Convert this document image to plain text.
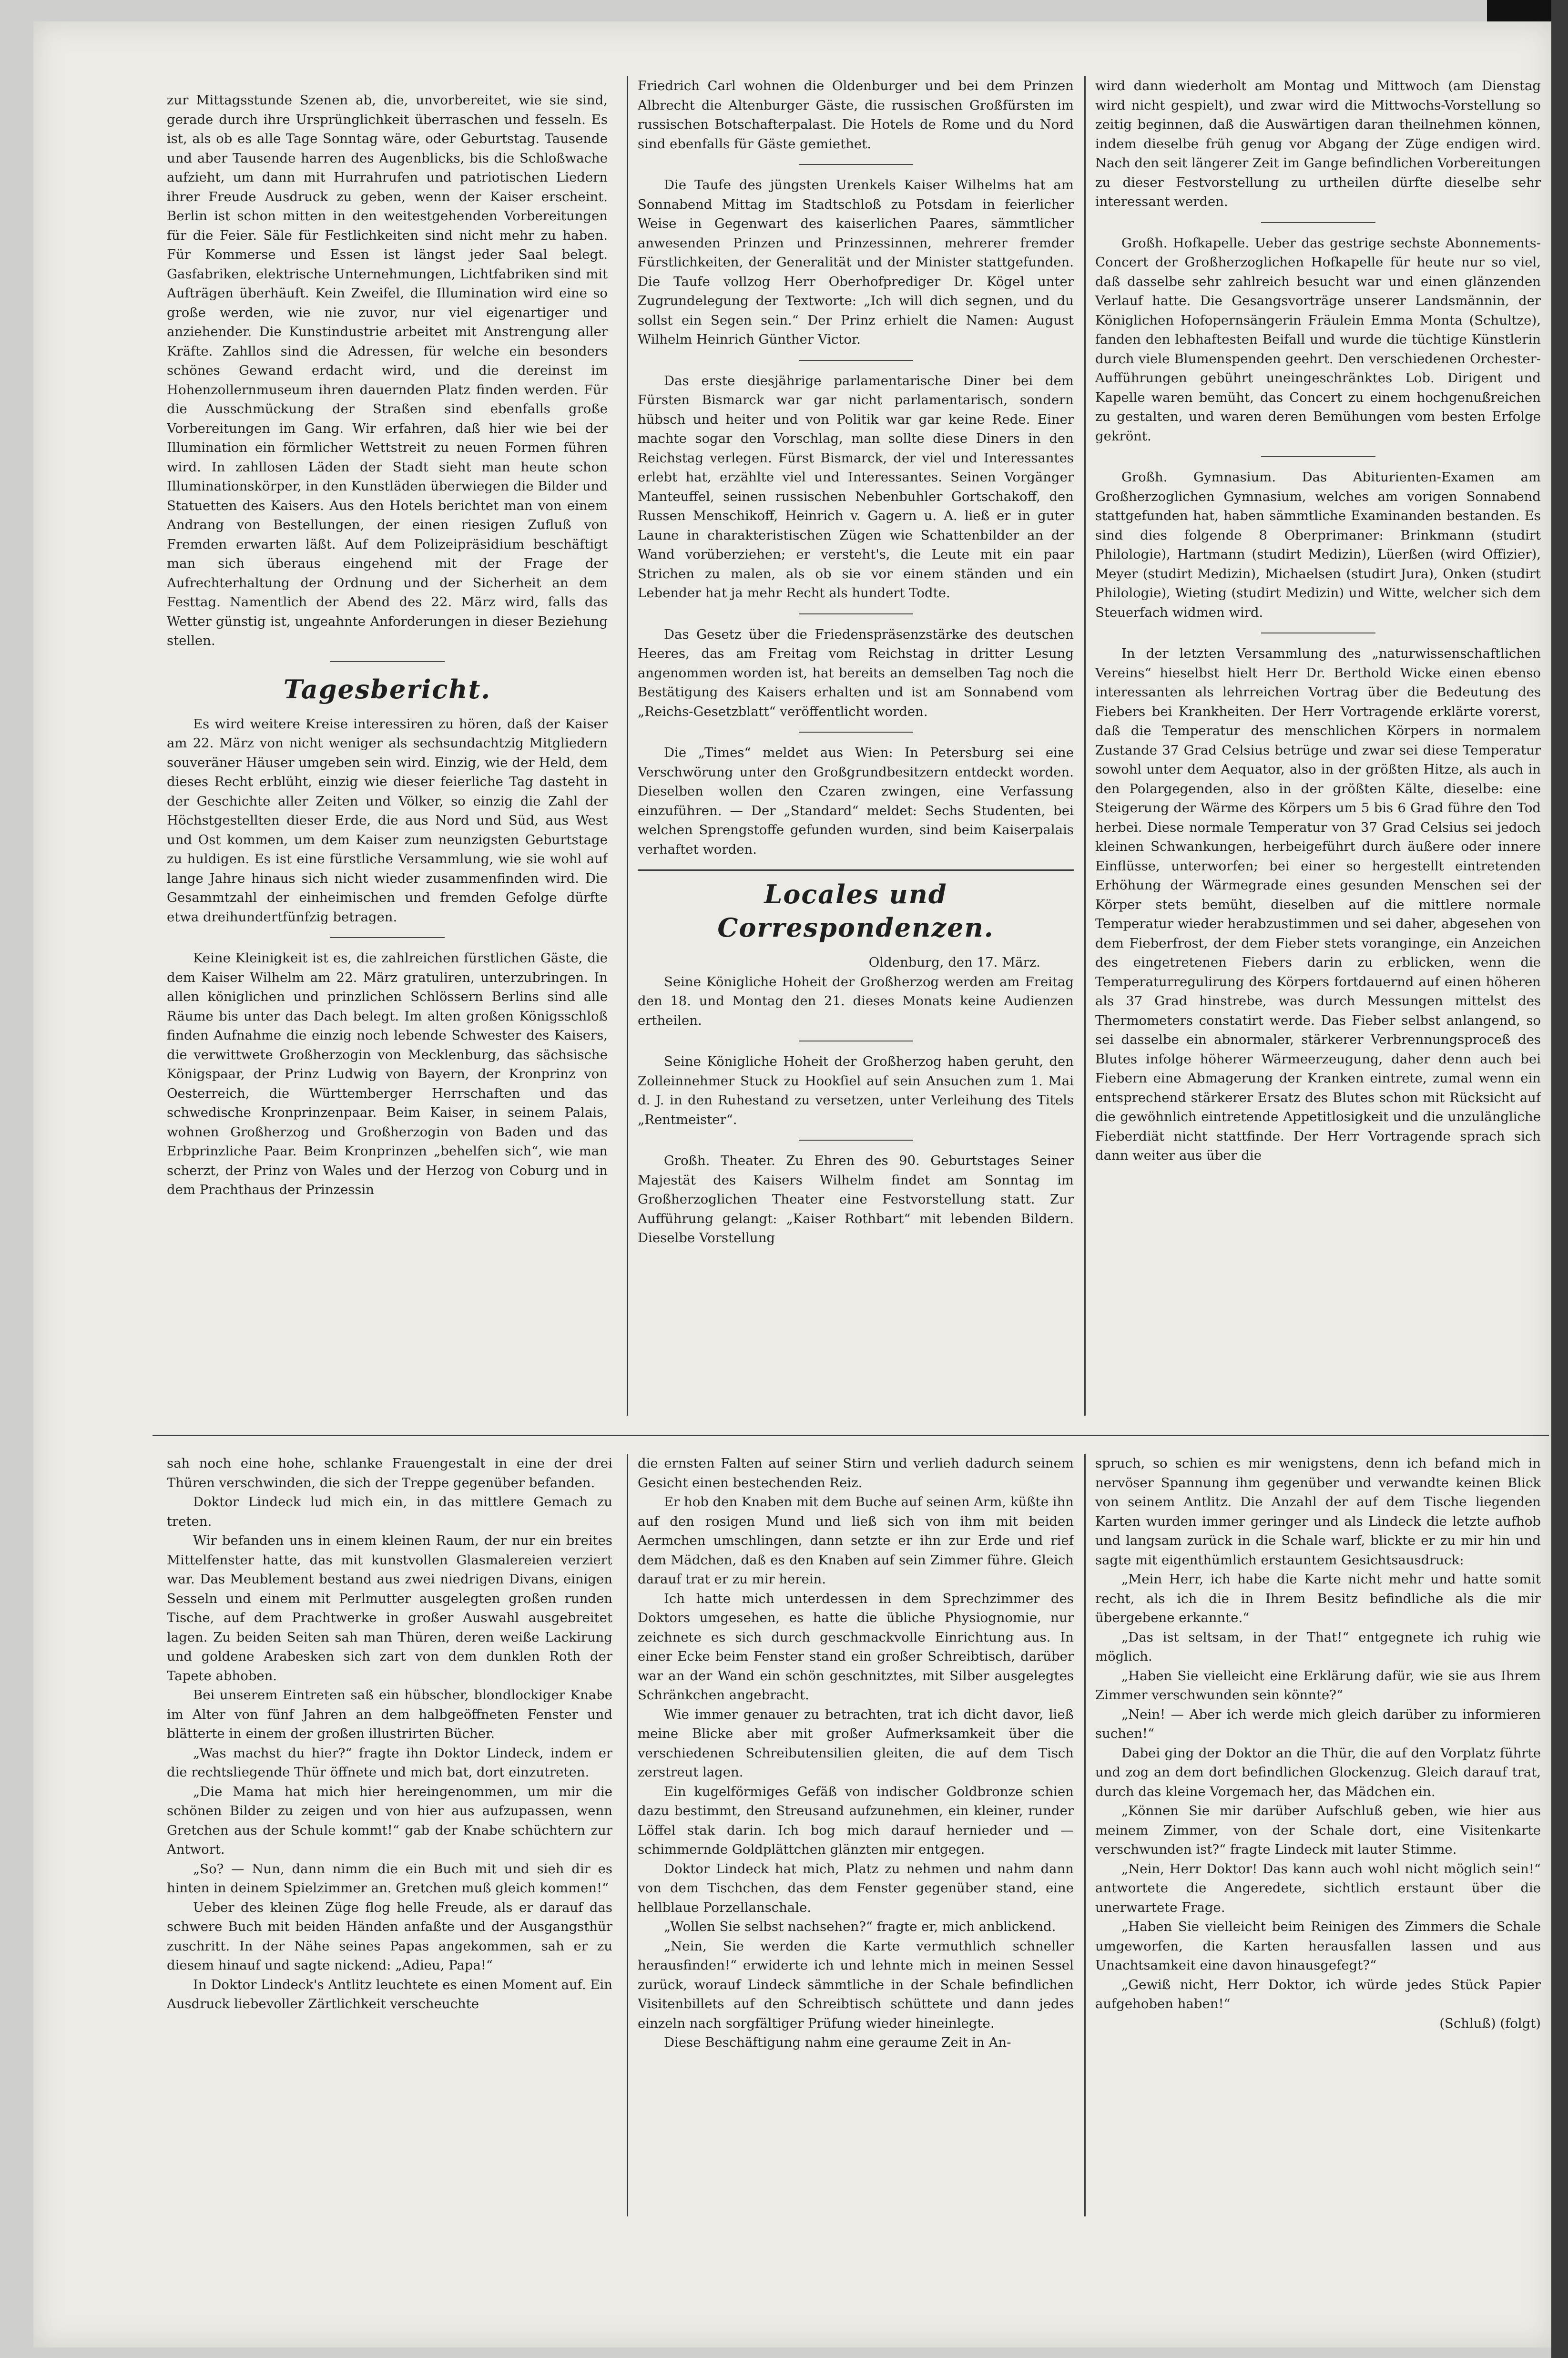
zur Mittagsstunde Szenen ab, die, unvorbereitet, wie sie sind, gerade durch ihre Ursprünglichkeit überraschen und fesseln. Es ist, als ob es alle Tage Sonntag wäre, oder Geburtstag. Tausende und aber Tausende harren des Augenblicks, bis die Schloßwache aufzieht, um dann mit Hurrahrufen und patriotischen Liedern ihrer Freude Ausdruck zu geben, wenn der Kaiser erscheint. Berlin ist schon mitten in den weitestgehenden Vorbereitungen für die Feier. Säle für Festlichkeiten sind nicht mehr zu haben. Für Kommerse und Essen ist längst jeder Saal belegt. Gasfabriken, elektrische Unternehmungen, Lichtfabriken sind mit Aufträgen überhäuft. Kein Zweifel, die Illumination wird eine so große werden, wie nie zuvor, nur viel eigenartiger und anziehender. Die Kunstindustrie arbeitet mit Anstrengung aller Kräfte. Zahllos sind die Adressen, für welche ein besonders schönes Gewand erdacht wird, und die dereinst im Hohenzollernmuseum ihren dauernden Platz finden werden. Für die Ausschmückung der Straßen sind ebenfalls große Vorbereitungen im Gang. Wir erfahren, daß hier wie bei der Illumination ein förmlicher Wettstreit zu neuen Formen führen wird. In zahllosen Läden der Stadt sieht man heute schon Illuminationskörper, in den Kunstläden überwiegen die Bilder und Statuetten des Kaisers. Aus den Hotels berichtet man von einem Andrang von Bestellungen, der einen riesigen Zufluß von Fremden erwarten läßt. Auf dem Polizeipräsidium beschäftigt man sich überaus eingehend mit der Frage der Aufrechterhaltung der Ordnung und der Sicherheit an dem Festtag. Namentlich der Abend des 22. März wird, falls das Wetter günstig ist, ungeahnte Anforderungen in dieser Beziehung stellen.

Tagesbericht.

Es wird weitere Kreise interessiren zu hören, daß der Kaiser am 22. März von nicht weniger als sechsundachtzig Mitgliedern souveräner Häuser umgeben sein wird. Einzig, wie der Held, dem dieses Recht erblüht, einzig wie dieser feierliche Tag dasteht in der Geschichte aller Zeiten und Völker, so einzig die Zahl der Höchstgestellten dieser Erde, die aus Nord und Süd, aus West und Ost kommen, um dem Kaiser zum neunzigsten Geburtstage zu huldigen. Es ist eine fürstliche Versammlung, wie sie wohl auf lange Jahre hinaus sich nicht wieder zusammenfinden wird. Die Gesammtzahl der einheimischen und fremden Gefolge dürfte etwa dreihundertfünfzig betragen.

Keine Kleinigkeit ist es, die zahlreichen fürstlichen Gäste, die dem Kaiser Wilhelm am 22. März gratuliren, unterzubringen. In allen königlichen und prinzlichen Schlössern Berlins sind alle Räume bis unter das Dach belegt. Im alten großen Königsschloß finden Aufnahme die einzig noch lebende Schwester des Kaisers, die verwittwete Großherzogin von Mecklenburg, das sächsische Königspaar, der Prinz Ludwig von Bayern, der Kronprinz von Oesterreich, die Württemberger Herrschaften und das schwedische Kronprinzenpaar. Beim Kaiser, in seinem Palais, wohnen Großherzog und Großherzogin von Baden und das Erbprinzliche Paar. Beim Kronprinzen „behelfen sich“, wie man scherzt, der Prinz von Wales und der Herzog von Coburg und in dem Prachthaus der Prinzessin

Friedrich Carl wohnen die Oldenburger und bei dem Prinzen Albrecht die Altenburger Gäste, die russischen Großfürsten im russischen Botschafterpalast. Die Hotels de Rome und du Nord sind ebenfalls für Gäste gemiethet.

Die Taufe des jüngsten Urenkels Kaiser Wilhelms hat am Sonnabend Mittag im Stadtschloß zu Potsdam in feierlicher Weise in Gegenwart des kaiserlichen Paares, sämmtlicher anwesenden Prinzen und Prinzessinnen, mehrerer fremder Fürstlichkeiten, der Generalität und der Minister stattgefunden. Die Taufe vollzog Herr Oberhofprediger Dr. Kögel unter Zugrundelegung der Textworte: „Ich will dich segnen, und du sollst ein Segen sein.“ Der Prinz erhielt die Namen: August Wilhelm Heinrich Günther Victor.

Das erste diesjährige parlamentarische Diner bei dem Fürsten Bismarck war gar nicht parlamentarisch, sondern hübsch und heiter und von Politik war gar keine Rede. Einer machte sogar den Vorschlag, man sollte diese Diners in den Reichstag verlegen. Fürst Bismarck, der viel und Interessantes erlebt hat, erzählte viel und Interessantes. Seinen Vorgänger Manteuffel, seinen russischen Nebenbuhler Gortschakoff, den Russen Menschikoff, Heinrich v. Gagern u. A. ließ er in guter Laune in charakteristischen Zügen wie Schattenbilder an der Wand vorüberziehen; er versteht's, die Leute mit ein paar Strichen zu malen, als ob sie vor einem ständen und ein Lebender hat ja mehr Recht als hundert Todte.

Das Gesetz über die Friedenspräsenzstärke des deutschen Heeres, das am Freitag vom Reichstag in dritter Lesung angenommen worden ist, hat bereits an demselben Tag noch die Bestätigung des Kaisers erhalten und ist am Sonnabend vom „Reichs-Gesetzblatt“ veröffentlicht worden.

Die „Times“ meldet aus Wien: In Petersburg sei eine Verschwörung unter den Großgrundbesitzern entdeckt worden. Dieselben wollen den Czaren zwingen, eine Verfassung einzuführen. — Der „Standard“ meldet: Sechs Studenten, bei welchen Sprengstoffe gefunden wurden, sind beim Kaiserpalais verhaftet worden.

Locales und Correspondenzen.
Oldenburg, den 17. März.

Seine Königliche Hoheit der Großherzog werden am Freitag den 18. und Montag den 21. dieses Monats keine Audienzen ertheilen.

Seine Königliche Hoheit der Großherzog haben geruht, den Zolleinnehmer Stuck zu Hookſiel auf sein Ansuchen zum 1. Mai d. J. in den Ruhestand zu versetzen, unter Verleihung des Titels „Rentmeister“.

Großh. Theater. Zu Ehren des 90. Geburtstages Seiner Majestät des Kaisers Wilhelm findet am Sonntag im Großherzoglichen Theater eine Festvorstellung statt. Zur Aufführung gelangt: „Kaiser Rothbart“ mit lebenden Bildern. Dieselbe Vorstellung

wird dann wiederholt am Montag und Mittwoch (am Dienstag wird nicht gespielt), und zwar wird die Mittwochs-Vorstellung so zeitig beginnen, daß die Auswärtigen daran theilnehmen können, indem dieselbe früh genug vor Abgang der Züge endigen wird. Nach den seit längerer Zeit im Gange befindlichen Vorbereitungen zu dieser Festvorstellung zu urtheilen dürfte dieselbe sehr interessant werden.

Großh. Hofkapelle. Ueber das gestrige sechste Abonnements-Concert der Großherzoglichen Hofkapelle für heute nur so viel, daß dasselbe sehr zahlreich besucht war und einen glänzenden Verlauf hatte. Die Gesangsvorträge unserer Landsmännin, der Königlichen Hofopernsängerin Fräulein Emma Monta (Schultze), fanden den lebhaftesten Beifall und wurde die tüchtige Künstlerin durch viele Blumenspenden geehrt. Den verschiedenen Orchester-Aufführungen gebührt uneingeschränktes Lob. Dirigent und Kapelle waren bemüht, das Concert zu einem hochgenußreichen zu gestalten, und waren deren Bemühungen vom besten Erfolge gekrönt.

Großh. Gymnasium. Das Abiturienten-Examen am Großherzoglichen Gymnasium, welches am vorigen Sonnabend stattgefunden hat, haben sämmtliche Examinanden bestanden. Es sind dies folgende 8 Oberprimaner: Brinkmann (studirt Philologie), Hartmann (studirt Medizin), Lüerßen (wird Offizier), Meyer (studirt Medizin), Michaelsen (studirt Jura), Onken (studirt Philologie), Wieting (studirt Medizin) und Witte, welcher sich dem Steuerfach widmen wird.

In der letzten Versammlung des „naturwissenschaftlichen Vereins“ hieselbst hielt Herr Dr. Berthold Wicke einen ebenso interessanten als lehrreichen Vortrag über die Bedeutung des Fiebers bei Krankheiten. Der Herr Vortragende erklärte vorerst, daß die Temperatur des menschlichen Körpers in normalem Zustande 37 Grad Celsius betrüge und zwar sei diese Temperatur sowohl unter dem Aequator, also in der größten Hitze, als auch in den Polargegenden, also in der größten Kälte, dieselbe: eine Steigerung der Wärme des Körpers um 5 bis 6 Grad führe den Tod herbei. Diese normale Temperatur von 37 Grad Celsius sei jedoch kleinen Schwankungen, herbeigeführt durch äußere oder innere Einflüsse, unterworfen; bei einer so hergestellt eintretenden Erhöhung der Wärmegrade eines gesunden Menschen sei der Körper stets bemüht, dieselben auf die mittlere normale Temperatur wieder herabzustimmen und sei daher, abgesehen von dem Fieberfrost, der dem Fieber stets voranginge, ein Anzeichen des eingetretenen Fiebers darin zu erblicken, wenn die Temperaturregulirung des Körpers fortdauernd auf einen höheren als 37 Grad hinstrebe, was durch Messungen mittelst des Thermometers constatirt werde. Das Fieber selbst anlangend, so sei dasselbe ein abnormaler, stärkerer Verbrennungsproceß des Blutes infolge höherer Wärmeerzeugung, daher denn auch bei Fiebern eine Abmagerung der Kranken eintrete, zumal wenn ein entsprechend stärkerer Ersatz des Blutes schon mit Rücksicht auf die gewöhnlich eintretende Appetitlosigkeit und die unzulängliche Fieberdiät nicht stattfinde. Der Herr Vortragende sprach sich dann weiter aus über die

sah noch eine hohe, schlanke Frauengestalt in eine der drei Thüren verschwinden, die sich der Treppe gegenüber befanden.

Doktor Lindeck lud mich ein, in das mittlere Gemach zu treten.

Wir befanden uns in einem kleinen Raum, der nur ein breites Mittelfenster hatte, das mit kunstvollen Glasmalereien verziert war. Das Meublement bestand aus zwei niedrigen Divans, einigen Sesseln und einem mit Perlmutter ausgelegten großen runden Tische, auf dem Prachtwerke in großer Auswahl ausgebreitet lagen. Zu beiden Seiten sah man Thüren, deren weiße Lackirung und goldene Arabesken sich zart von dem dunklen Roth der Tapete abhoben.

Bei unserem Eintreten saß ein hübscher, blondlockiger Knabe im Alter von fünf Jahren an dem halbgeöffneten Fenster und blätterte in einem der großen illustrirten Bücher.

„Was machst du hier?“ fragte ihn Doktor Lindeck, indem er die rechtsliegende Thür öffnete und mich bat, dort einzutreten.

„Die Mama hat mich hier hereingenommen, um mir die schönen Bilder zu zeigen und von hier aus aufzupassen, wenn Gretchen aus der Schule kommt!“ gab der Knabe schüchtern zur Antwort.

„So? — Nun, dann nimm die ein Buch mit und sieh dir es hinten in deinem Spielzimmer an. Gretchen muß gleich kommen!“

Ueber des kleinen Züge flog helle Freude, als er darauf das schwere Buch mit beiden Händen anfaßte und der Ausgangsthür zuschritt. In der Nähe seines Papas angekommen, sah er zu diesem hinauf und sagte nickend: „Adieu, Papa!“

In Doktor Lindeck's Antlitz leuchtete es einen Moment auf. Ein Ausdruck liebevoller Zärtlichkeit verscheuchte

die ernsten Falten auf seiner Stirn und verlieh dadurch seinem Gesicht einen bestechenden Reiz.

Er hob den Knaben mit dem Buche auf seinen Arm, küßte ihn auf den rosigen Mund und ließ sich von ihm mit beiden Aermchen umschlingen, dann setzte er ihn zur Erde und rief dem Mädchen, daß es den Knaben auf sein Zimmer führe. Gleich darauf trat er zu mir herein.

Ich hatte mich unterdessen in dem Sprechzimmer des Doktors umgesehen, es hatte die übliche Physiognomie, nur zeichnete es sich durch geschmackvolle Einrichtung aus. In einer Ecke beim Fenster stand ein großer Schreibtisch, darüber war an der Wand ein schön geschnitztes, mit Silber ausgelegtes Schränkchen angebracht.

Wie immer genauer zu betrachten, trat ich dicht davor, ließ meine Blicke aber mit großer Aufmerksamkeit über die verschiedenen Schreibutensilien gleiten, die auf dem Tisch zerstreut lagen.

Ein kugelförmiges Gefäß von indischer Goldbronze schien dazu bestimmt, den Streusand aufzunehmen, ein kleiner, runder Löffel stak darin. Ich bog mich darauf hernieder und — schimmernde Goldplättchen glänzten mir entgegen.

Doktor Lindeck hat mich, Platz zu nehmen und nahm dann von dem Tischchen, das dem Fenster gegenüber stand, eine hellblaue Porzellanschale.

„Wollen Sie selbst nachsehen?“ fragte er, mich anblickend.

„Nein, Sie werden die Karte vermuthlich schneller herausfinden!“ erwiderte ich und lehnte mich in meinen Sessel zurück, worauf Lindeck sämmtliche in der Schale befindlichen Visitenbillets auf den Schreibtisch schüttete und dann jedes einzeln nach sorgfältiger Prüfung wieder hineinlegte.

Diese Beschäftigung nahm eine geraume Zeit in An-

spruch, so schien es mir wenigstens, denn ich befand mich in nervöser Spannung ihm gegenüber und verwandte keinen Blick von seinem Antlitz. Die Anzahl der auf dem Tische liegenden Karten wurden immer geringer und als Lindeck die letzte aufhob und langsam zurück in die Schale warf, blickte er zu mir hin und sagte mit eigenthümlich erstauntem Gesichtsausdruck:

„Mein Herr, ich habe die Karte nicht mehr und hatte somit recht, als ich die in Ihrem Besitz befindliche als die mir übergebene erkannte.“

„Das ist seltsam, in der That!“ entgegnete ich ruhig wie möglich.

„Haben Sie vielleicht eine Erklärung dafür, wie sie aus Ihrem Zimmer verschwunden sein könnte?“

„Nein! — Aber ich werde mich gleich darüber zu informieren suchen!“

Dabei ging der Doktor an die Thür, die auf den Vorplatz führte und zog an dem dort befindlichen Glockenzug. Gleich darauf trat, durch das kleine Vorgemach her, das Mädchen ein.

„Können Sie mir darüber Aufschluß geben, wie hier aus meinem Zimmer, von der Schale dort, eine Visitenkarte verschwunden ist?“ fragte Lindeck mit lauter Stimme.

„Nein, Herr Doktor! Das kann auch wohl nicht möglich sein!“ antwortete die Angeredete, sichtlich erstaunt über die unerwartete Frage.

„Haben Sie vielleicht beim Reinigen des Zimmers die Schale umgeworfen, die Karten herausfallen lassen und aus Unachtsamkeit eine davon hinausgefegt?“

„Gewiß nicht, Herr Doktor, ich würde jedes Stück Papier aufgehoben haben!“

(Schluß) (folgt)
